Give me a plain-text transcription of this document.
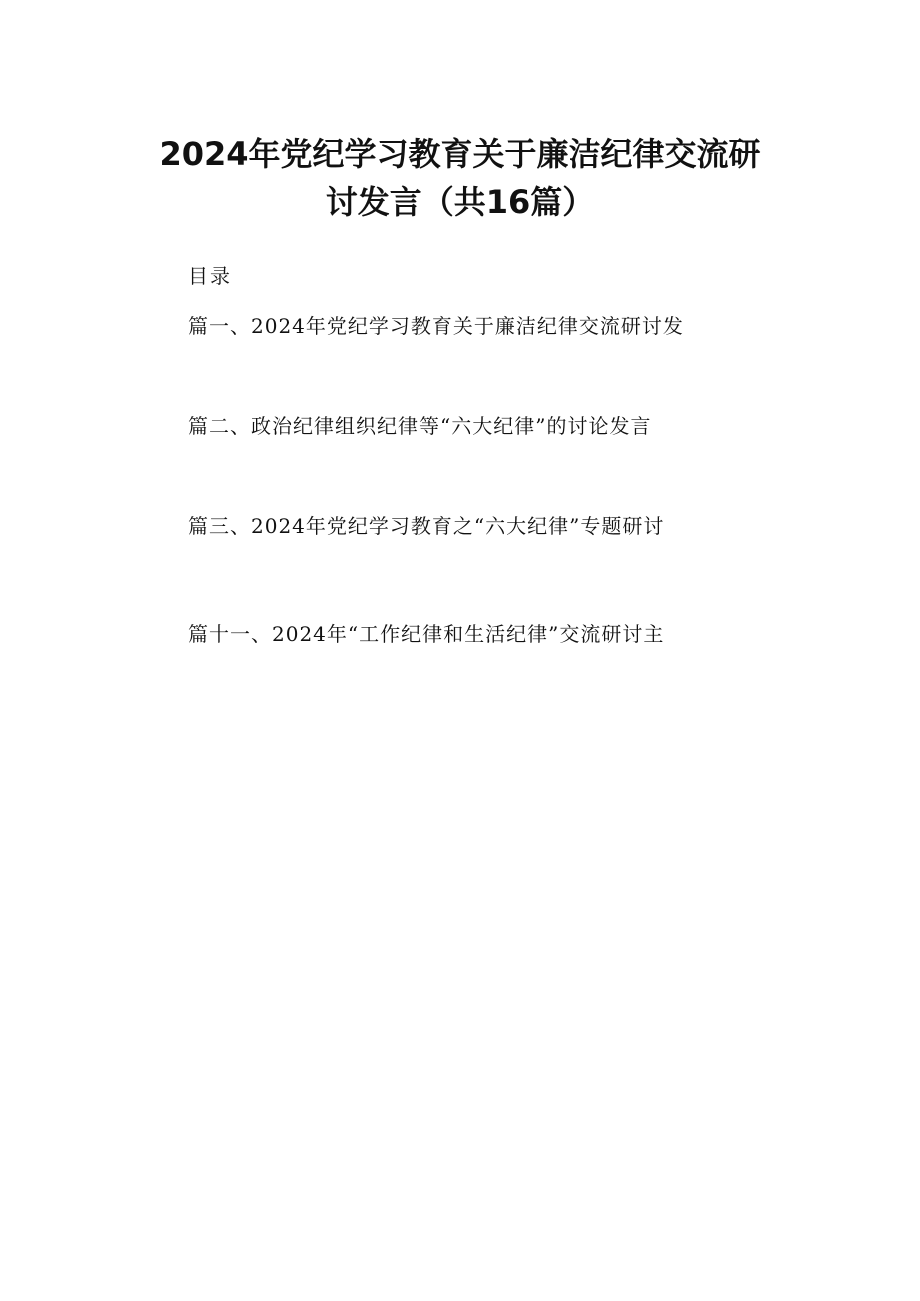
2024年党纪学习教育关于廉洁纪律交流研
讨发言（共16篇）

目录

篇一、2024年党纪学习教育关于廉洁纪律交流研讨发
篇二、政治纪律组织纪律等“六大纪律”的讨论发言
篇三、2024年党纪学习教育之“六大纪律”专题研讨
篇十一、2024年“工作纪律和生活纪律”交流研讨主
